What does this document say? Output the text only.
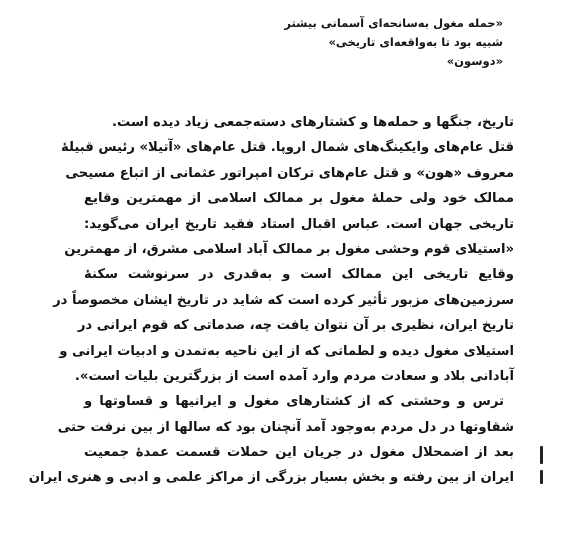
«حمله مغول به‌سانحه‌ای آسمانی بیشتر
شبیه بود تا به‌واقعه‌ای تاریخی»
«دوسون»
تاریخ، جنگها و حمله‌ها و کشتارهای دسته‌جمعی زیاد دیده است.
قتل عام‌های وایکینگ‌های شمال اروپا. قتل عام‌های «آتیلا» رئیس قبیلهٔ
معروف «هون» و قتل عام‌های ترکان امپراتور عثمانی از اتباع مسیحی
ممالک خود ولی حملهٔ مغول بر ممالک اسلامی از مهمترین وقایع
تاریخی جهان است. عباس اقبال استاد فقید تاریخ ایران می‌گوید:
«استیلای قوم وحشی مغول بر ممالک آباد اسلامی مشرق، از مهمترین
وقایع تاریخی این ممالک است و به‌قدری در سرنوشت سکنهٔ
سرزمین‌های مزبور تأثیر کرده است که شاید در تاریخ ایشان مخصوصاً در
تاریخ ایران، نظیری بر آن نتوان یافت چه، صدماتی که قوم ایرانی در
استیلای مغول دیده و لطماتی که از این ناحیه به‌تمدن و ادبیات ایرانی و
آبادانی بلاد و سعادت مردم وارد آمده است از بزرگترین بلیات است».
ترس و وحشتی که از کشتارهای مغول و ایرانیها و قساوتها و
شقاوتها در دل مردم به‌وجود آمد آنچنان بود که سالها از بین نرفت حتی
بعد از اضمحلال مغول در جریان این حملات قسمت عمدهٔ جمعیت
ایران از بین رفته و بخش بسیار بزرگی از مراکز علمی و ادبی و هنری ایران
